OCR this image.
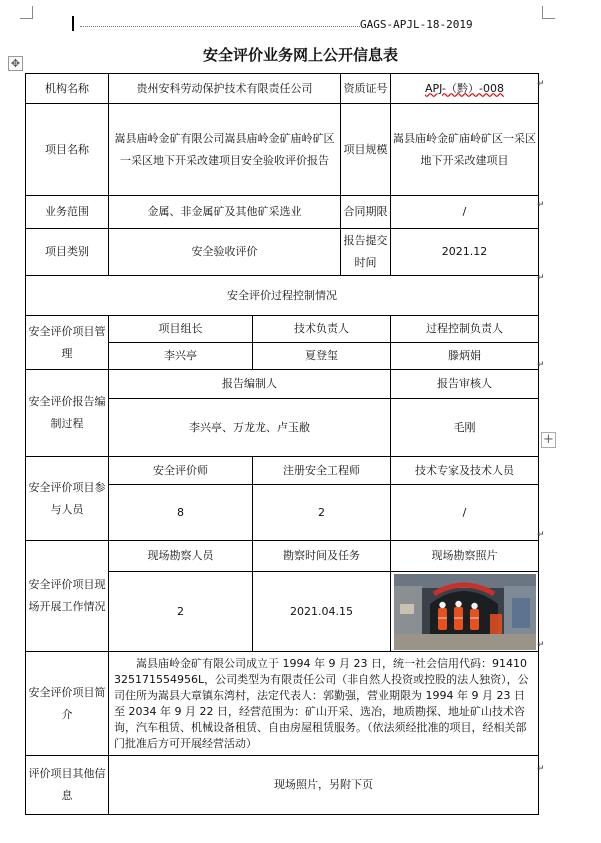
GAGS-APJL-18-2019
安全评价业务网上公开信息表
✥
+
机构名称	贵州安科劳动保护技术有限责任公司		资质证号	APJ-（黔）-008
项目名称	嵩县庙岭金矿有限公司嵩县庙岭金矿庙岭矿区一采区地下开采改建项目安全验收评价报告		项目规模	嵩县庙岭金矿庙岭矿区一采区地下开采改建项目
业务范围	金属、非金属矿及其他矿采选业		合同期限	/
项目类别	安全验收评价		报告提交时间	2021.12
安全评价过程控制情况				
安全评价项目管理	项目组长	技术负责人		过程控制负责人
	李兴亭	夏登玺		滕炳娟
安全评价报告编制过程	报告编制人			报告审核人
	李兴亭、万龙龙、卢玉敝			毛刚
安全评价项目参与人员	安全评价师	注册安全工程师		技术专家及技术人员
	8	2		/
安全评价项目现场开展工作情况	现场勘察人员	勘察时间及任务		现场勘察照片
	2	2021.04.15	

安全评价项目简介	嵩县庙岭金矿有限公司成立于 1994 年 9 月 23 日，统一社会信用代码：91410325171554956L，公司类型为有限责任公司（非自然人投资或控股的法人独资），公司住所为嵩县大章镇东湾村，法定代表人：郭勤强，营业期限为 1994 年 9 月 23 日至 2034 年 9 月 22 日，经营范围为：矿山开采、选冶，地质勘探、地址矿山技术咨询，汽车租赁、机械设备租赁、自由房屋租赁服务。（依法须经批准的项目，经相关部门批准后方可开展经营活动）			

评价项目其他信息	现场照片，另附下页			
↵
↵
↵
↵
↵
↵
↵
